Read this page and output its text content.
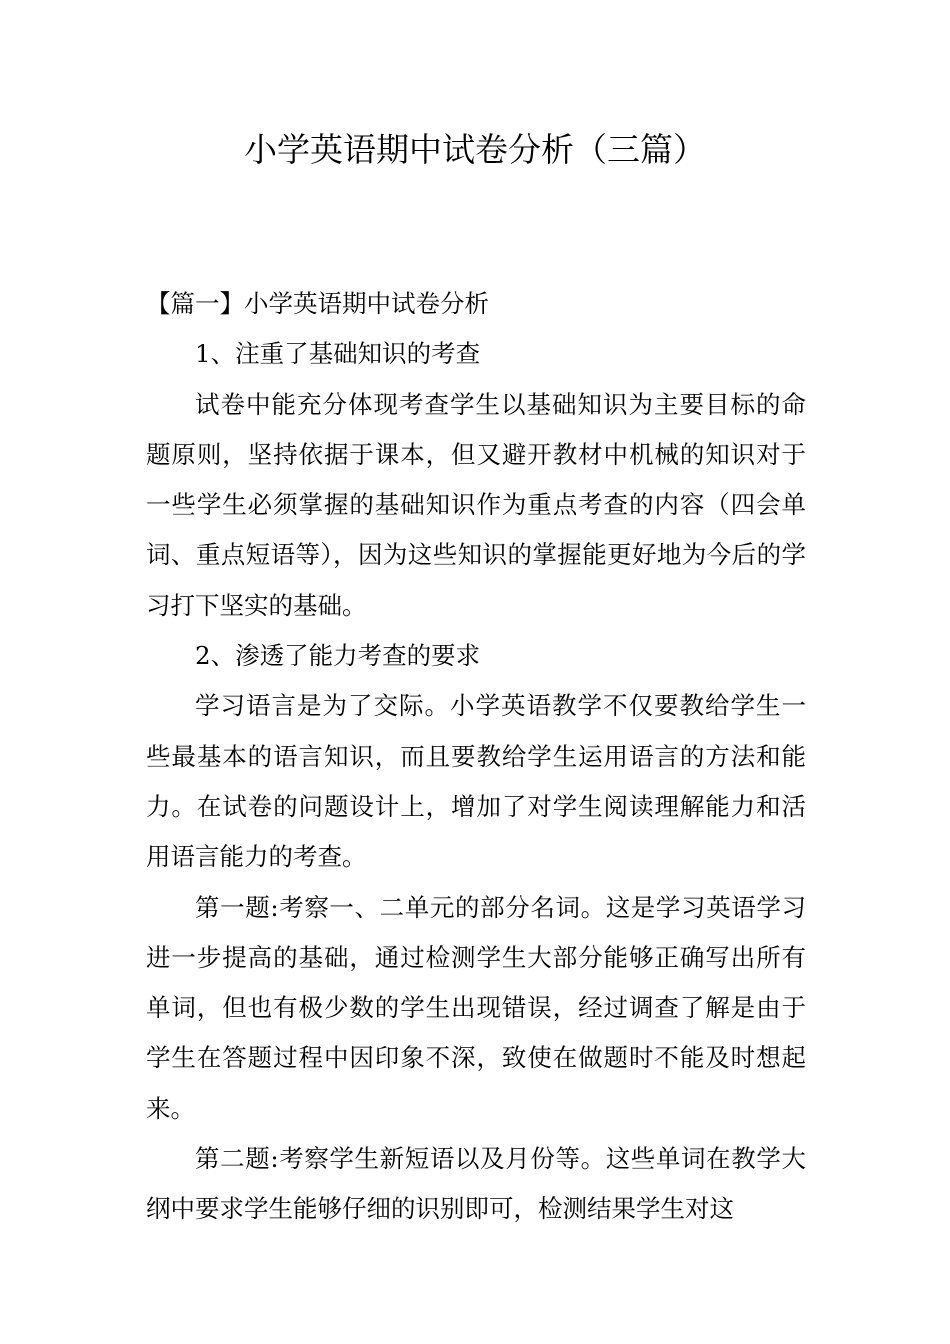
小学英语期中试卷分析（三篇）

【篇一】小学英语期中试卷分析

1、注重了基础知识的考查

试卷中能充分体现考查学生以基础知识为主要目标的命题原则，坚持依据于课本，但又避开教材中机械的知识对于一些学生必须掌握的基础知识作为重点考查的内容（四会单词、重点短语等），因为这些知识的掌握能更好地为今后的学习打下坚实的基础。

2、渗透了能力考查的要求

学习语言是为了交际。小学英语教学不仅要教给学生一些最基本的语言知识，而且要教给学生运用语言的方法和能力。在试卷的问题设计上，增加了对学生阅读理解能力和活用语言能力的考查。

第一题:考察一、二单元的部分名词。这是学习英语学习进一步提高的基础，通过检测学生大部分能够正确写出所有单词，但也有极少数的学生出现错误，经过调查了解是由于学生在答题过程中因印象不深，致使在做题时不能及时想起来。

第二题:考察学生新短语以及月份等。这些单词在教学大纲中要求学生能够仔细的识别即可，检测结果学生对这
